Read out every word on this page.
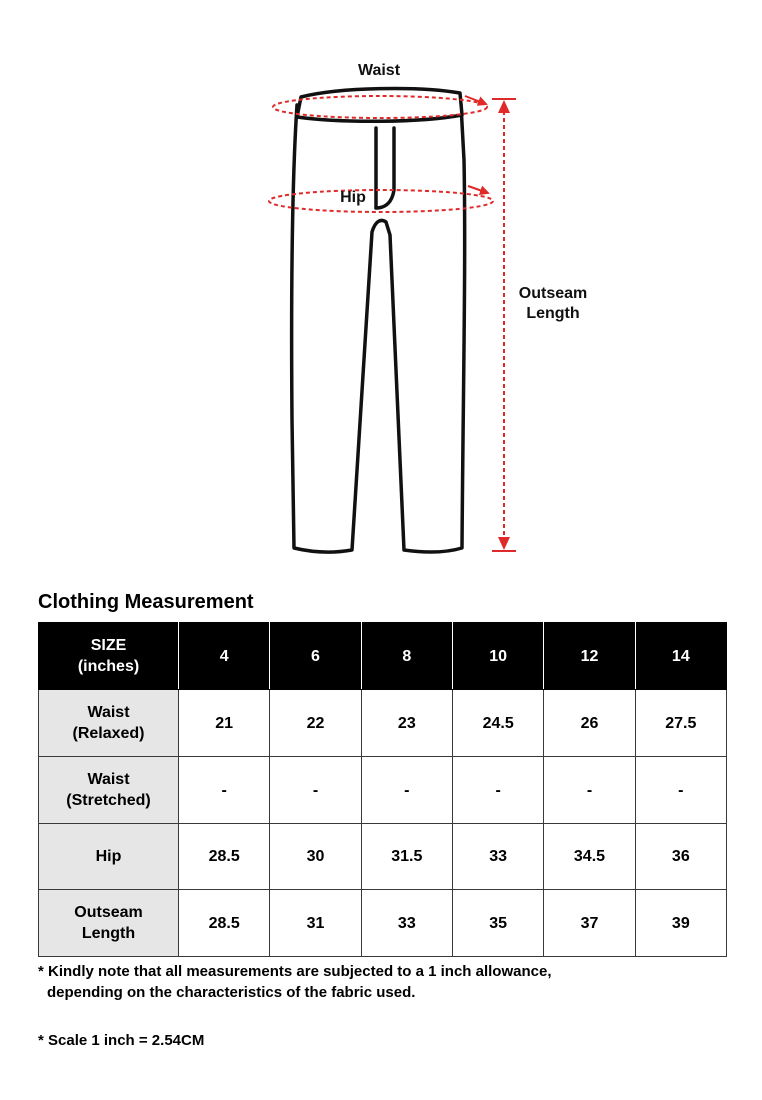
Waist
Hip
Outseam
Length
Clothing Measurement
SIZE
(inches)	4	6	8	10	12	14

Waist
(Relaxed)	21	22	23	24.5	26	27.5

Waist
(Stretched)	-	-	-	-	-	-

Hip	28.5	30	31.5	33	34.5	36

Outseam
Length	28.5	31	33	35	37	39

* Kindly note that all measurements are subjected to a 1 inch allowance,
depending on the characteristics of the fabric used.

* Scale 1 inch = 2.54CM
